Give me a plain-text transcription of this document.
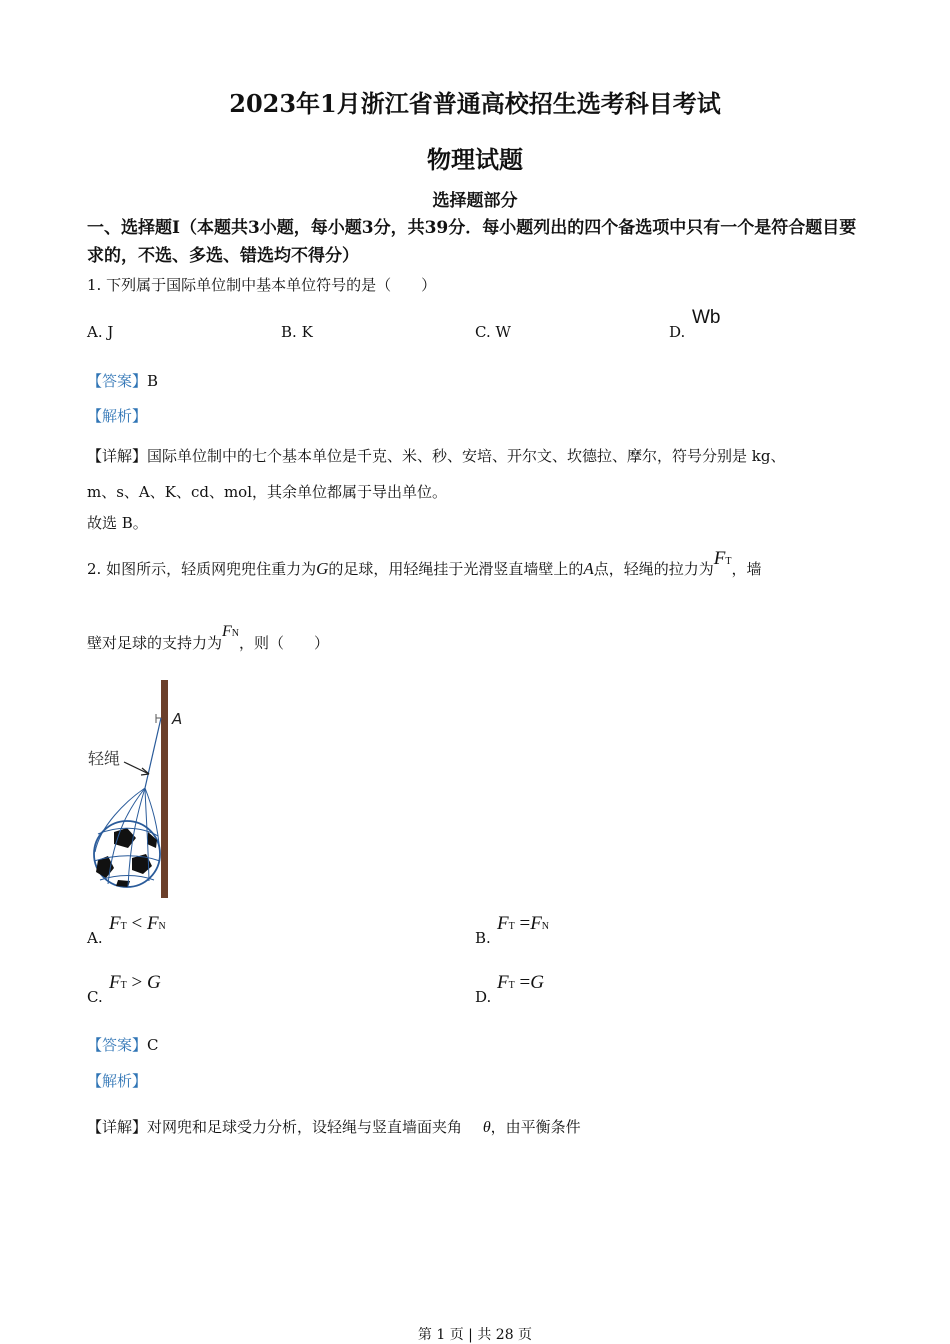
2023年1月浙江省普通高校招生选考科目考试
物理试题
选择题部分
一、选择题Ⅰ（本题共3小题，每小题3分，共39分．每小题列出的四个备选项中只有一个是符合题目要求的，不选、多选、错选均不得分）
1. 下列属于国际单位制中基本单位符号的是（　　）
A. J	B. K	C. W	D.
Wb
【答案】B
【解析】
【详解】国际单位制中的七个基本单位是千克、米、秒、安培、开尔文、坎德拉、摩尔，符号分别是 kg、
m、s、A、K、cd、mol，其余单位都属于导出单位。
故选 B。
2. 如图所示，轻质网兜兜住重力为G的足球，用轻绳挂于光滑竖直墙壁上的A点，轻绳的拉力为FT，墙
壁对足球的支持力为FN，则（　　）
A
轻绳
A.
FT < FN
B.
FT =FN
C.
FT > G
D.
FT =G
【答案】C
【解析】
【详解】对网兜和足球受力分析，设轻绳与竖直墙面夹角 θ，由平衡条件
第 1 页 | 共 28 页
